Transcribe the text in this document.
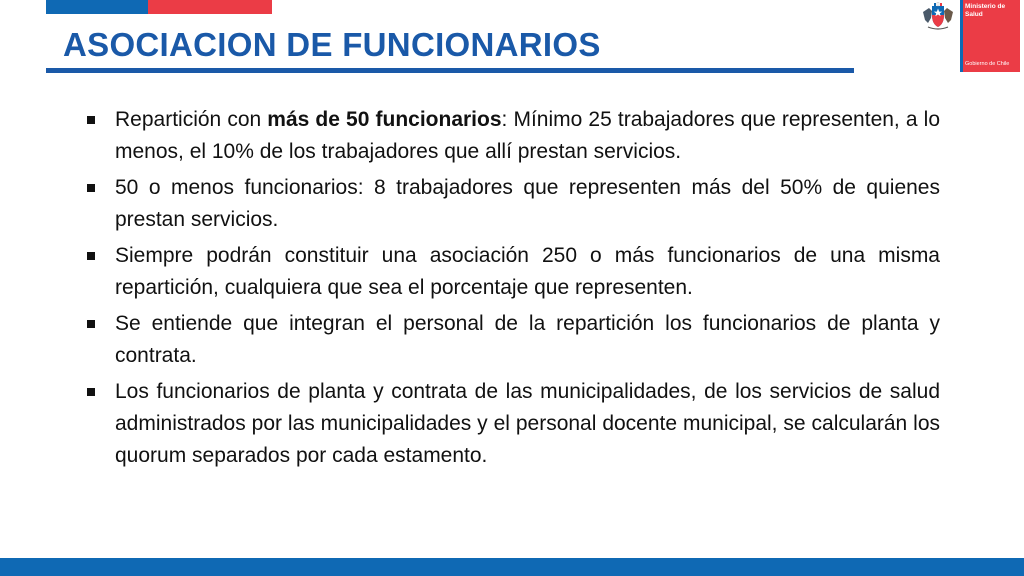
ASOCIACION DE FUNCIONARIOS
Ministerio de Salud
Gobierno de Chile
Repartición con más de 50 funcionarios: Mínimo 25 trabajadores que representen, a lo menos, el 10% de los trabajadores que allí prestan servicios.
50 o menos funcionarios: 8 trabajadores que representen más del 50% de quienes prestan servicios.
Siempre podrán constituir una asociación 250 o más funcionarios de una misma repartición, cualquiera que sea el porcentaje que representen.
Se entiende que integran el personal de la repartición los funcionarios de planta y contrata.
Los funcionarios de planta y contrata de las municipalidades, de los servicios de salud administrados por las municipalidades y el personal docente municipal, se calcularán los quorum separados por cada estamento.
